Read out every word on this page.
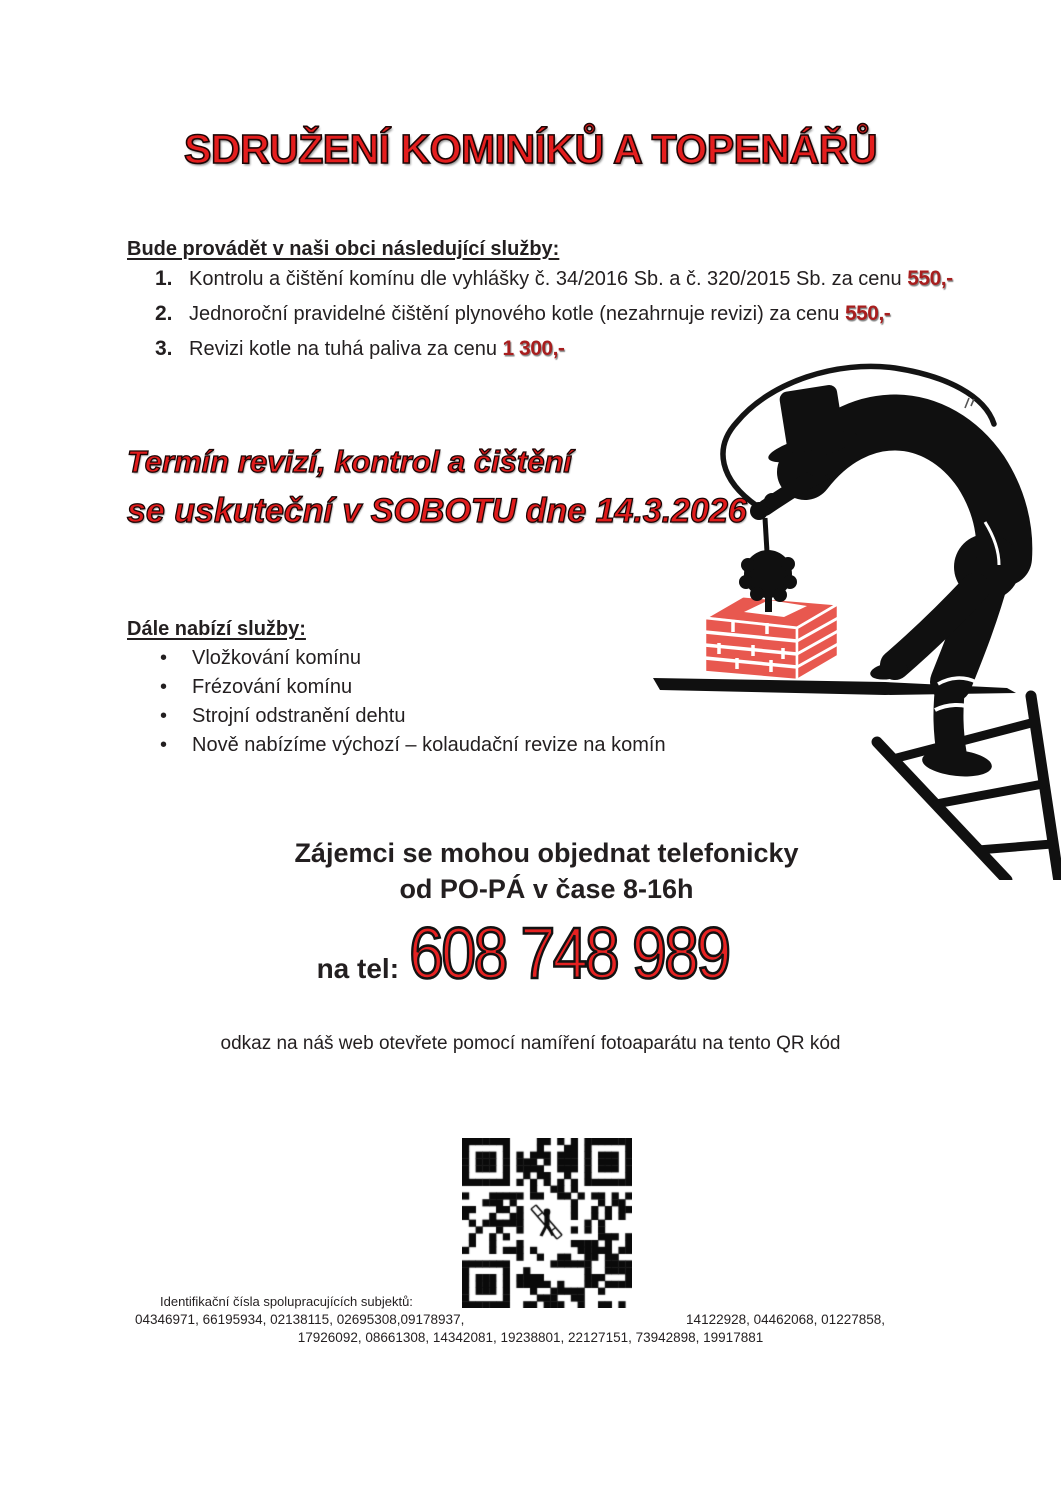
SDRUŽENÍ KOMINÍKŮ A TOPENÁŘŮ
Bude provádět v naši obci následující služby:
1. Kontrolu a čištění komínu dle vyhlášky č. 34/2016 Sb. a č. 320/2015 Sb. za cenu 550,-
2. Jednoroční pravidelné čištění plynového kotle (nezahrnuje revizi) za cenu 550,-
3. Revizi kotle na tuhá paliva za cenu 1 300,-
Termín revizí, kontrol a čištění
se uskuteční v SOBOTU dne 14.3.2026
Dále nabízí služby:
• Vložkování komínu
• Frézování komínu
• Strojní odstranění dehtu
• Nově nabízíme výchozí – kolaudační revize na komín
Zájemci se mohou objednat telefonicky
od PO-PÁ v čase 8-16h
na tel: 608 748 989
odkaz na náš web otevřete pomocí namíření fotoaparátu na tento QR kód
Identifikační čísla spolupracujících subjektů:
04346971, 66195934, 02138115, 02695308,09178937,	14122928, 04462068, 01227858,
17926092, 08661308, 14342081, 19238801, 22127151, 73942898, 19917881
